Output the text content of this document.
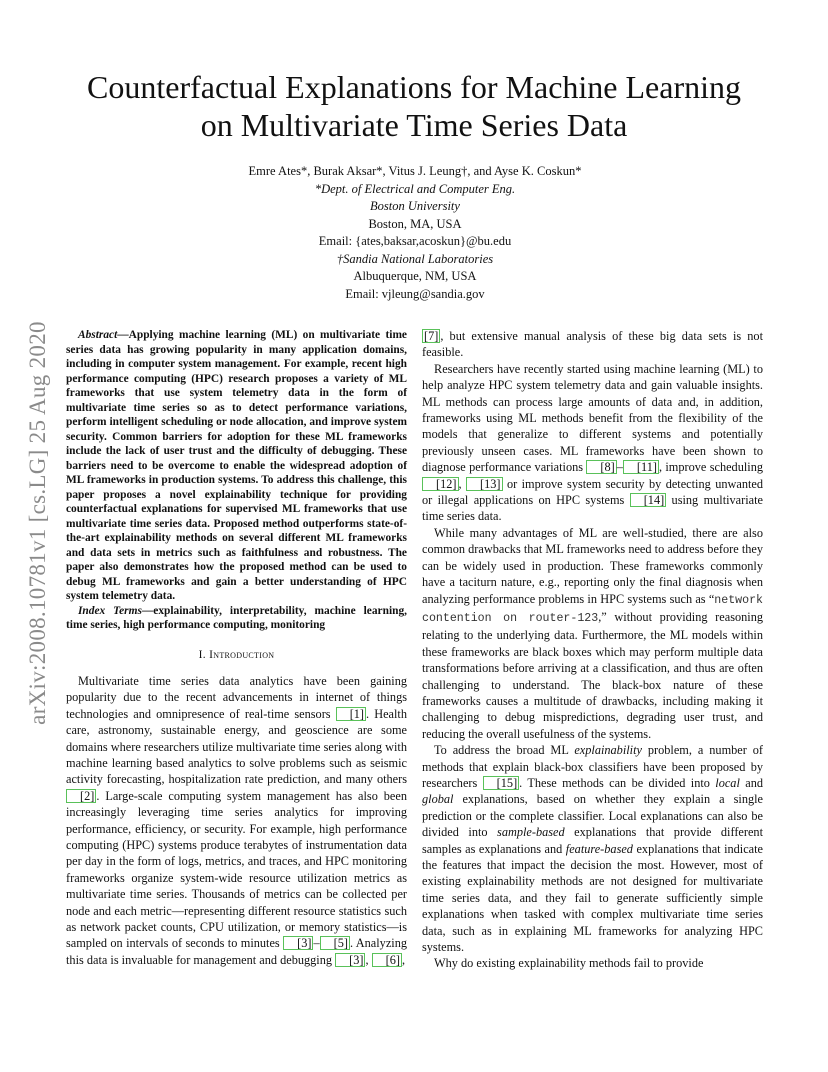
arXiv:2008.10781v1 [cs.LG] 25 Aug 2020
Counterfactual Explanations for Machine Learning
on Multivariate Time Series Data
Emre Ates*, Burak Aksar*, Vitus J. Leung†, and Ayse K. Coskun*
*Dept. of Electrical and Computer Eng.
Boston University
Boston, MA, USA
Email: {ates,baksar,acoskun}@bu.edu
†Sandia National Laboratories
Albuquerque, NM, USA
Email: vjleung@sandia.gov

Abstract—Applying machine learning (ML) on multivariate time series data has growing popularity in many application domains, including in computer system management. For example, recent high performance computing (HPC) research proposes a variety of ML frameworks that use system telemetry data in the form of multivariate time series so as to detect performance variations, perform intelligent scheduling or node allocation, and improve system security. Common barriers for adoption for these ML frameworks include the lack of user trust and the difficulty of debugging. These barriers need to be overcome to enable the widespread adoption of ML frameworks in production systems. To address this challenge, this paper proposes a novel explainability technique for providing counterfactual explanations for supervised ML frameworks that use multivariate time series data. Proposed method outperforms state-of-the-art explainability methods on several different ML frameworks and data sets in metrics such as faithfulness and robustness. The paper also demonstrates how the proposed method can be used to debug ML frameworks and gain a better understanding of HPC system telemetry data.

Index Terms—explainability, interpretability, machine learning, time series, high performance computing, monitoring

I. Introduction

Multivariate time series data analytics have been gaining popularity due to the recent advancements in internet of things technologies and omnipresence of real-time sensors [1] . Health care, astronomy, sustainable energy, and geoscience are some domains where researchers utilize multivariate time series along with machine learning based analytics to solve problems such as seismic activity forecasting, hospitalization rate prediction, and many others [2] . Large-scale computing system management has also been increasingly leveraging time series analytics for improving performance, efficiency, or security. For example, high performance computing (HPC) systems produce terabytes of instrumentation data per day in the form of logs, metrics, and traces, and HPC monitoring frameworks organize system-wide resource utilization metrics as multivariate time series. Thousands of metrics can be collected per node and each metric—representing different resource statistics such as network packet counts, CPU utilization, or memory statistics—is sampled on intervals of seconds to minutes [3] – [5] . Analyzing this data is invaluable for management and debugging [3] , [6] ,

[7] , but extensive manual analysis of these big data sets is not feasible.

Researchers have recently started using machine learning (ML) to help analyze HPC system telemetry data and gain valuable insights. ML methods can process large amounts of data and, in addition, frameworks using ML methods benefit from the flexibility of the models that generalize to different systems and potentially previously unseen cases. ML frameworks have been shown to diagnose performance variations [8] – [11] , improve scheduling [12] , [13] or improve system security by detecting unwanted or illegal applications on HPC systems [14] using multivariate time series data.

While many advantages of ML are well-studied, there are also common drawbacks that ML frameworks need to address before they can be widely used in production. These frameworks commonly have a taciturn nature, e.g., reporting only the final diagnosis when analyzing performance problems in HPC systems such as “network contention on router-123,” without providing reasoning relating to the underlying data. Furthermore, the ML models within these frameworks are black boxes which may perform multiple data transformations before arriving at a classification, and thus are often challenging to understand. The black-box nature of these frameworks causes a multitude of drawbacks, including making it challenging to debug mispredictions, degrading user trust, and reducing the overall usefulness of the systems.

To address the broad ML explainability problem, a number of methods that explain black-box classifiers have been proposed by researchers [15] . These methods can be divided into local and global explanations, based on whether they explain a single prediction or the complete classifier. Local explanations can also be divided into sample-based explanations that provide different samples as explanations and feature-based explanations that indicate the features that impact the decision the most. However, most of existing explainability methods are not designed for multivariate time series data, and they fail to generate sufficiently simple explanations when tasked with complex multivariate time series data, such as in explaining ML frameworks for analyzing HPC systems.

Why do existing explainability methods fail to provide
